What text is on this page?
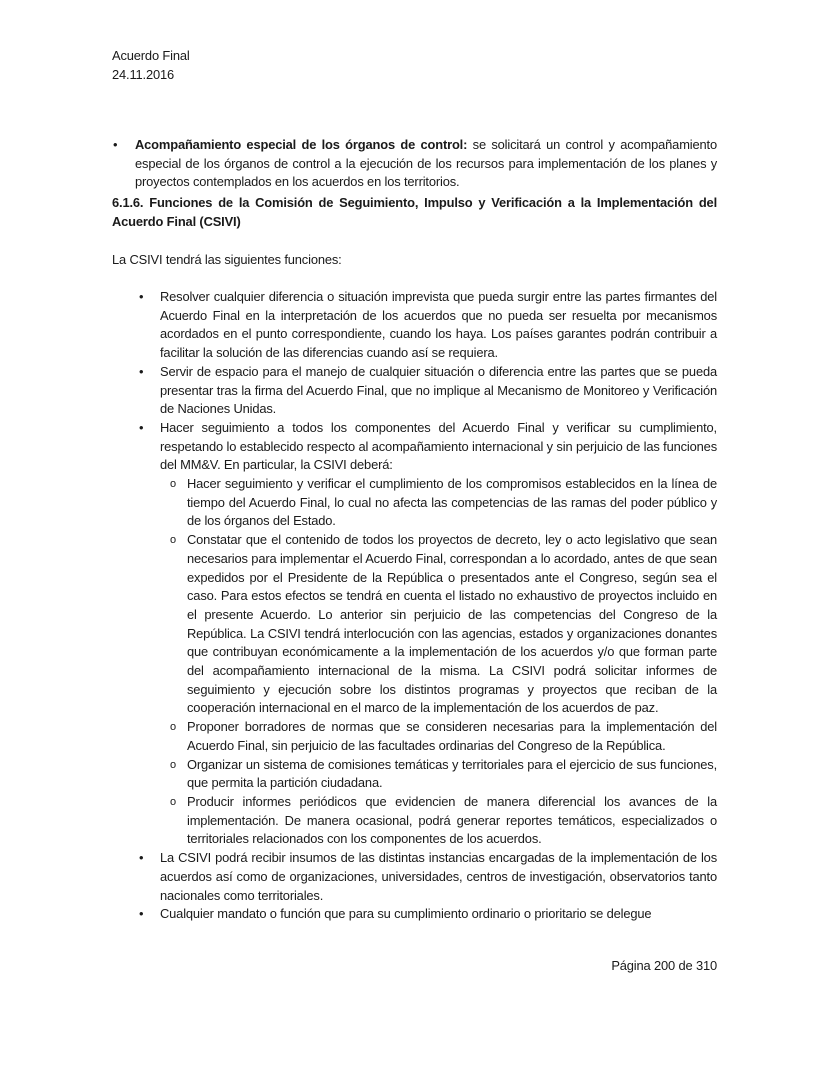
Acuerdo Final
24.11.2016
• Acompañamiento especial de los órganos de control: se solicitará un control y acompañamiento especial de los órganos de control a la ejecución de los recursos para implementación de los planes y proyectos contemplados en los acuerdos en los territorios.
6.1.6. Funciones de la Comisión de Seguimiento, Impulso y Verificación a la Implementación del Acuerdo Final (CSIVI)
La CSIVI tendrá las siguientes funciones:
• Resolver cualquier diferencia o situación imprevista que pueda surgir entre las partes firmantes del Acuerdo Final en la interpretación de los acuerdos que no pueda ser resuelta por mecanismos acordados en el punto correspondiente, cuando los haya. Los países garantes podrán contribuir a facilitar la solución de las diferencias cuando así se requiera.
• Servir de espacio para el manejo de cualquier situación o diferencia entre las partes que se pueda presentar tras la firma del Acuerdo Final, que no implique al Mecanismo de Monitoreo y Verificación de Naciones Unidas.
• Hacer seguimiento a todos los componentes del Acuerdo Final y verificar su cumplimiento, respetando lo establecido respecto al acompañamiento internacional y sin perjuicio de las funciones del MM&V. En particular, la CSIVI deberá:
o Hacer seguimiento y verificar el cumplimiento de los compromisos establecidos en la línea de tiempo del Acuerdo Final, lo cual no afecta las competencias de las ramas del poder público y de los órganos del Estado.
o Constatar que el contenido de todos los proyectos de decreto, ley o acto legislativo que sean necesarios para implementar el Acuerdo Final, correspondan a lo acordado, antes de que sean expedidos por el Presidente de la República o presentados ante el Congreso, según sea el caso. Para estos efectos se tendrá en cuenta el listado no exhaustivo de proyectos incluido en el presente Acuerdo. Lo anterior sin perjuicio de las competencias del Congreso de la República. La CSIVI tendrá interlocución con las agencias, estados y organizaciones donantes que contribuyan económicamente a la implementación de los acuerdos y/o que forman parte del acompañamiento internacional de la misma. La CSIVI podrá solicitar informes de seguimiento y ejecución sobre los distintos programas y proyectos que reciban de la cooperación internacional en el marco de la implementación de los acuerdos de paz.
o Proponer borradores de normas que se consideren necesarias para la implementación del Acuerdo Final, sin perjuicio de las facultades ordinarias del Congreso de la República.
o Organizar un sistema de comisiones temáticas y territoriales para el ejercicio de sus funciones, que permita la partición ciudadana.
o Producir informes periódicos que evidencien de manera diferencial los avances de la implementación. De manera ocasional, podrá generar reportes temáticos, especializados o territoriales relacionados con los componentes de los acuerdos.
• La CSIVI podrá recibir insumos de las distintas instancias encargadas de la implementación de los acuerdos así como de organizaciones, universidades, centros de investigación, observatorios tanto nacionales como territoriales.
• Cualquier mandato o función que para su cumplimiento ordinario o prioritario se delegue
Página 200 de 310
